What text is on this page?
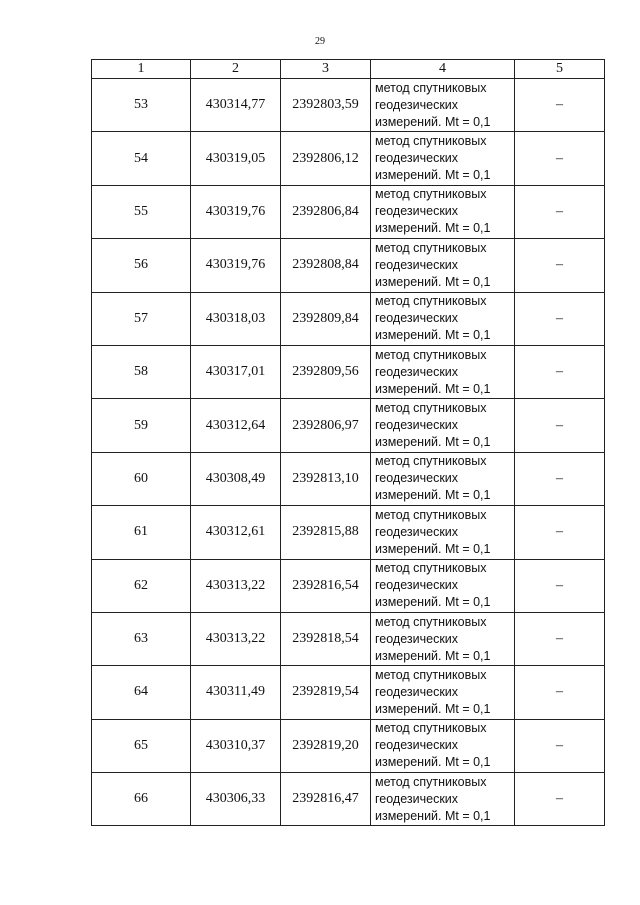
29
1	2	3	4	5
53	430314,77	2392803,59	метод спутниковых
геодезических
измерений. Mt = 0,1	–
54	430319,05	2392806,12	метод спутниковых
геодезических
измерений. Mt = 0,1	–
55	430319,76	2392806,84	метод спутниковых
геодезических
измерений. Mt = 0,1	–
56	430319,76	2392808,84	метод спутниковых
геодезических
измерений. Mt = 0,1	–
57	430318,03	2392809,84	метод спутниковых
геодезических
измерений. Mt = 0,1	–
58	430317,01	2392809,56	метод спутниковых
геодезических
измерений. Mt = 0,1	–
59	430312,64	2392806,97	метод спутниковых
геодезических
измерений. Mt = 0,1	–
60	430308,49	2392813,10	метод спутниковых
геодезических
измерений. Mt = 0,1	–
61	430312,61	2392815,88	метод спутниковых
геодезических
измерений. Mt = 0,1	–
62	430313,22	2392816,54	метод спутниковых
геодезических
измерений. Mt = 0,1	–
63	430313,22	2392818,54	метод спутниковых
геодезических
измерений. Mt = 0,1	–
64	430311,49	2392819,54	метод спутниковых
геодезических
измерений. Mt = 0,1	–
65	430310,37	2392819,20	метод спутниковых
геодезических
измерений. Mt = 0,1	–
66	430306,33	2392816,47	метод спутниковых
геодезических
измерений. Mt = 0,1	–
